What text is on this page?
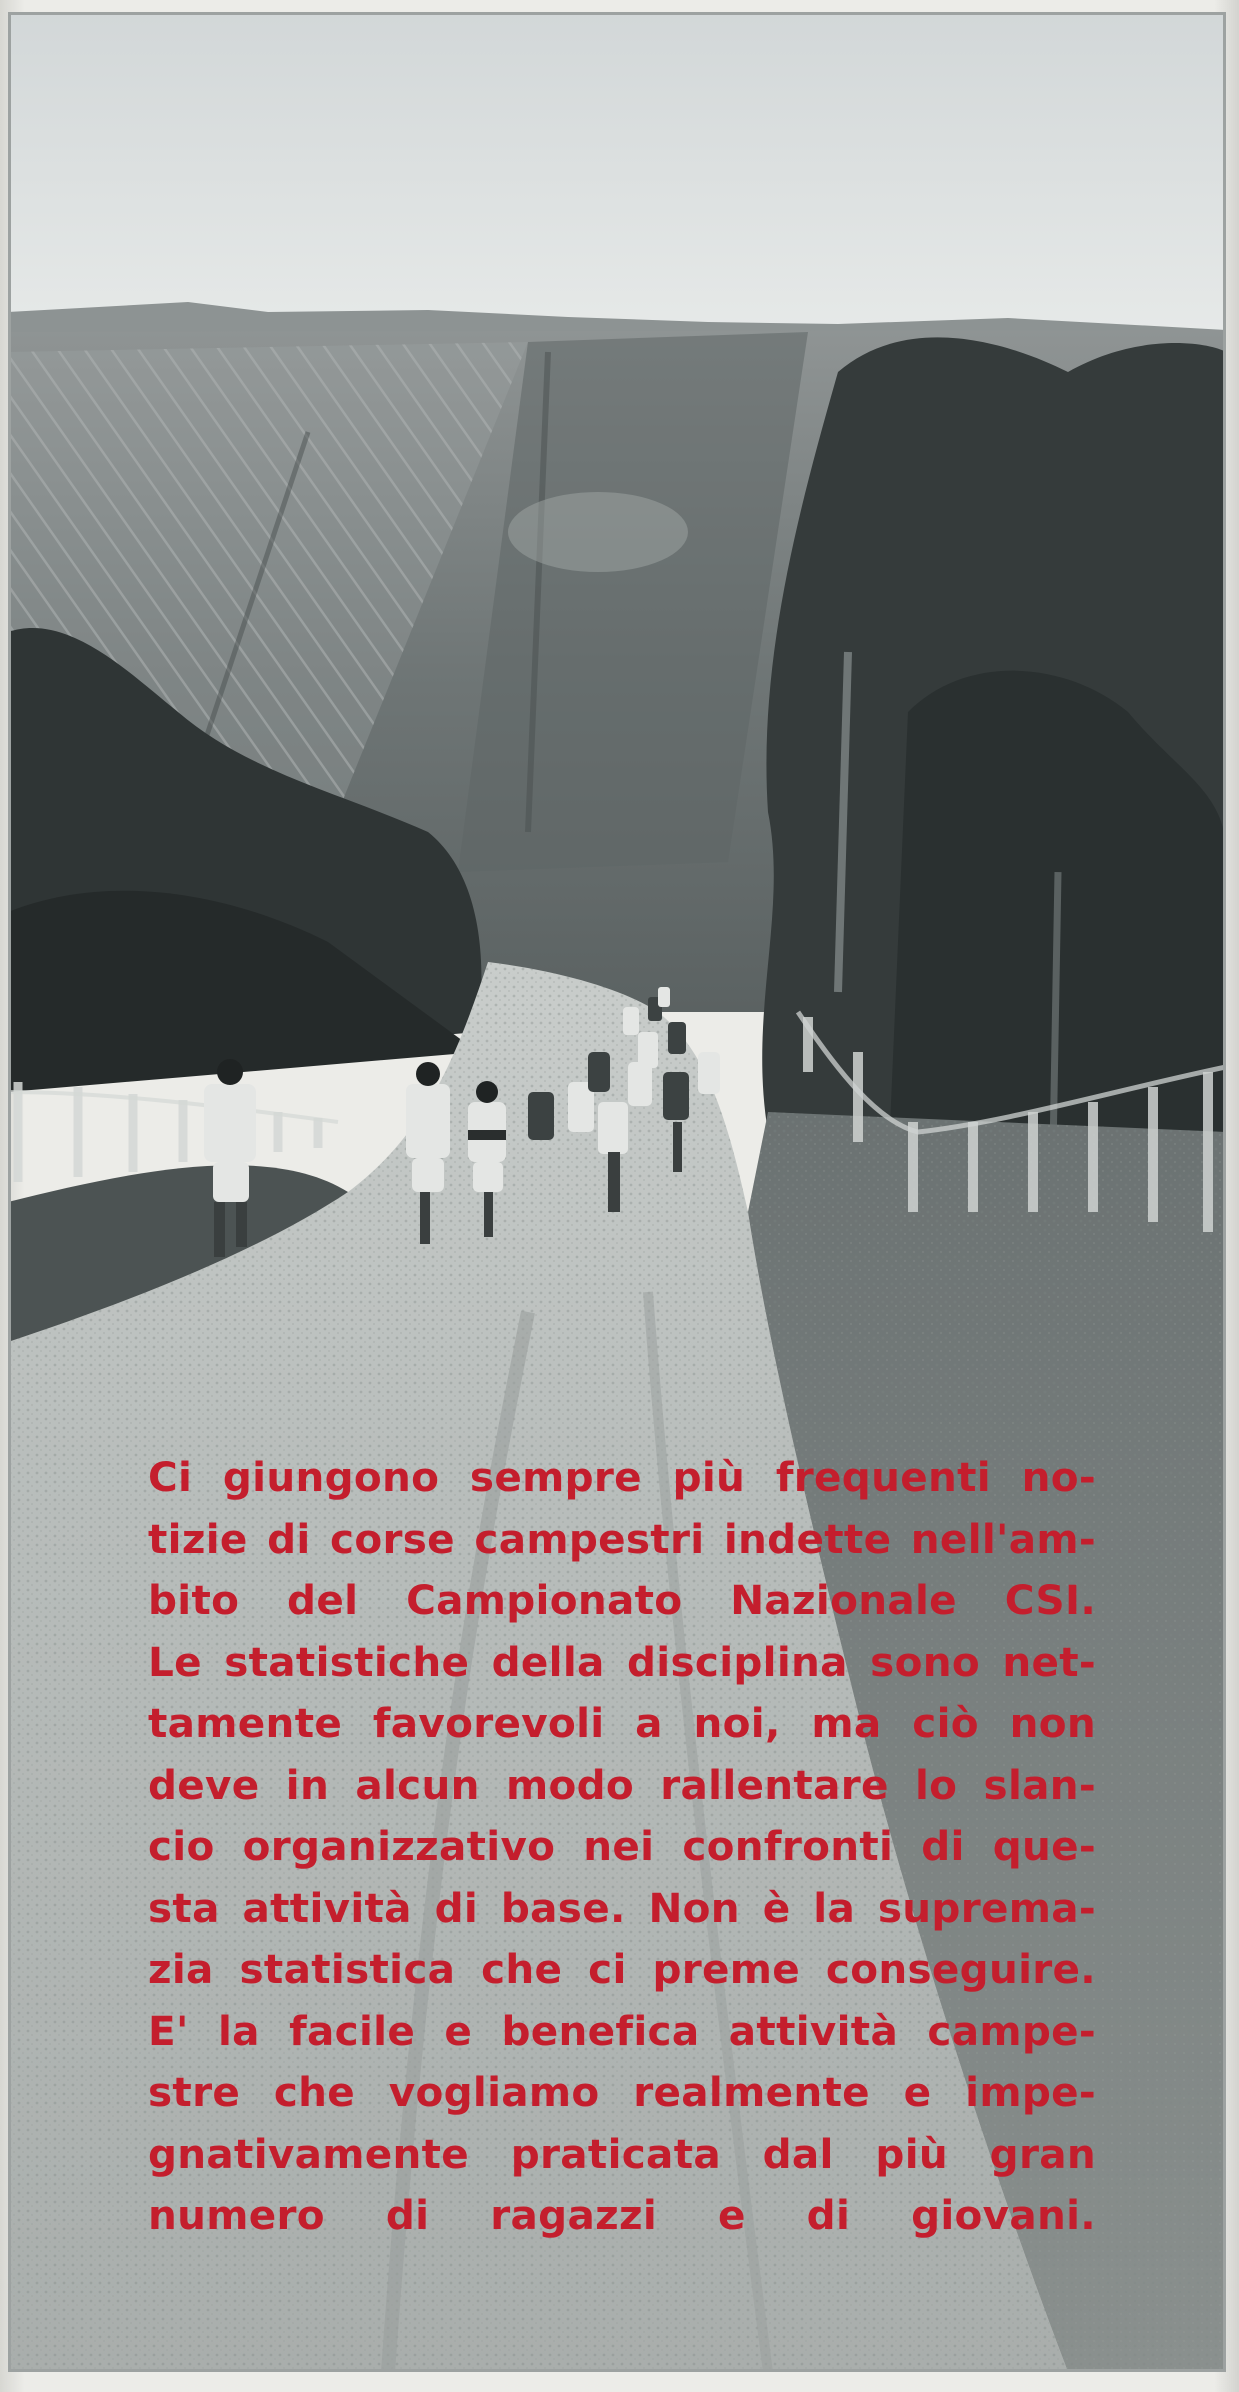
Ci giungono sempre più frequenti no-
tizie di corse campestri indette nell'am-
bito del Campionato Nazionale CSI.
Le statistiche della disciplina sono net-
tamente favorevoli a noi, ma ciò non
deve in alcun modo rallentare lo slan-
cio organizzativo nei confronti di que-
sta attività di base. Non è la suprema-
zia statistica che ci preme conseguire.
E' la facile e benefica attività campe-
stre che vogliamo realmente e impe-
gnativamente praticata dal più gran
numero di ragazzi e di giovani.
